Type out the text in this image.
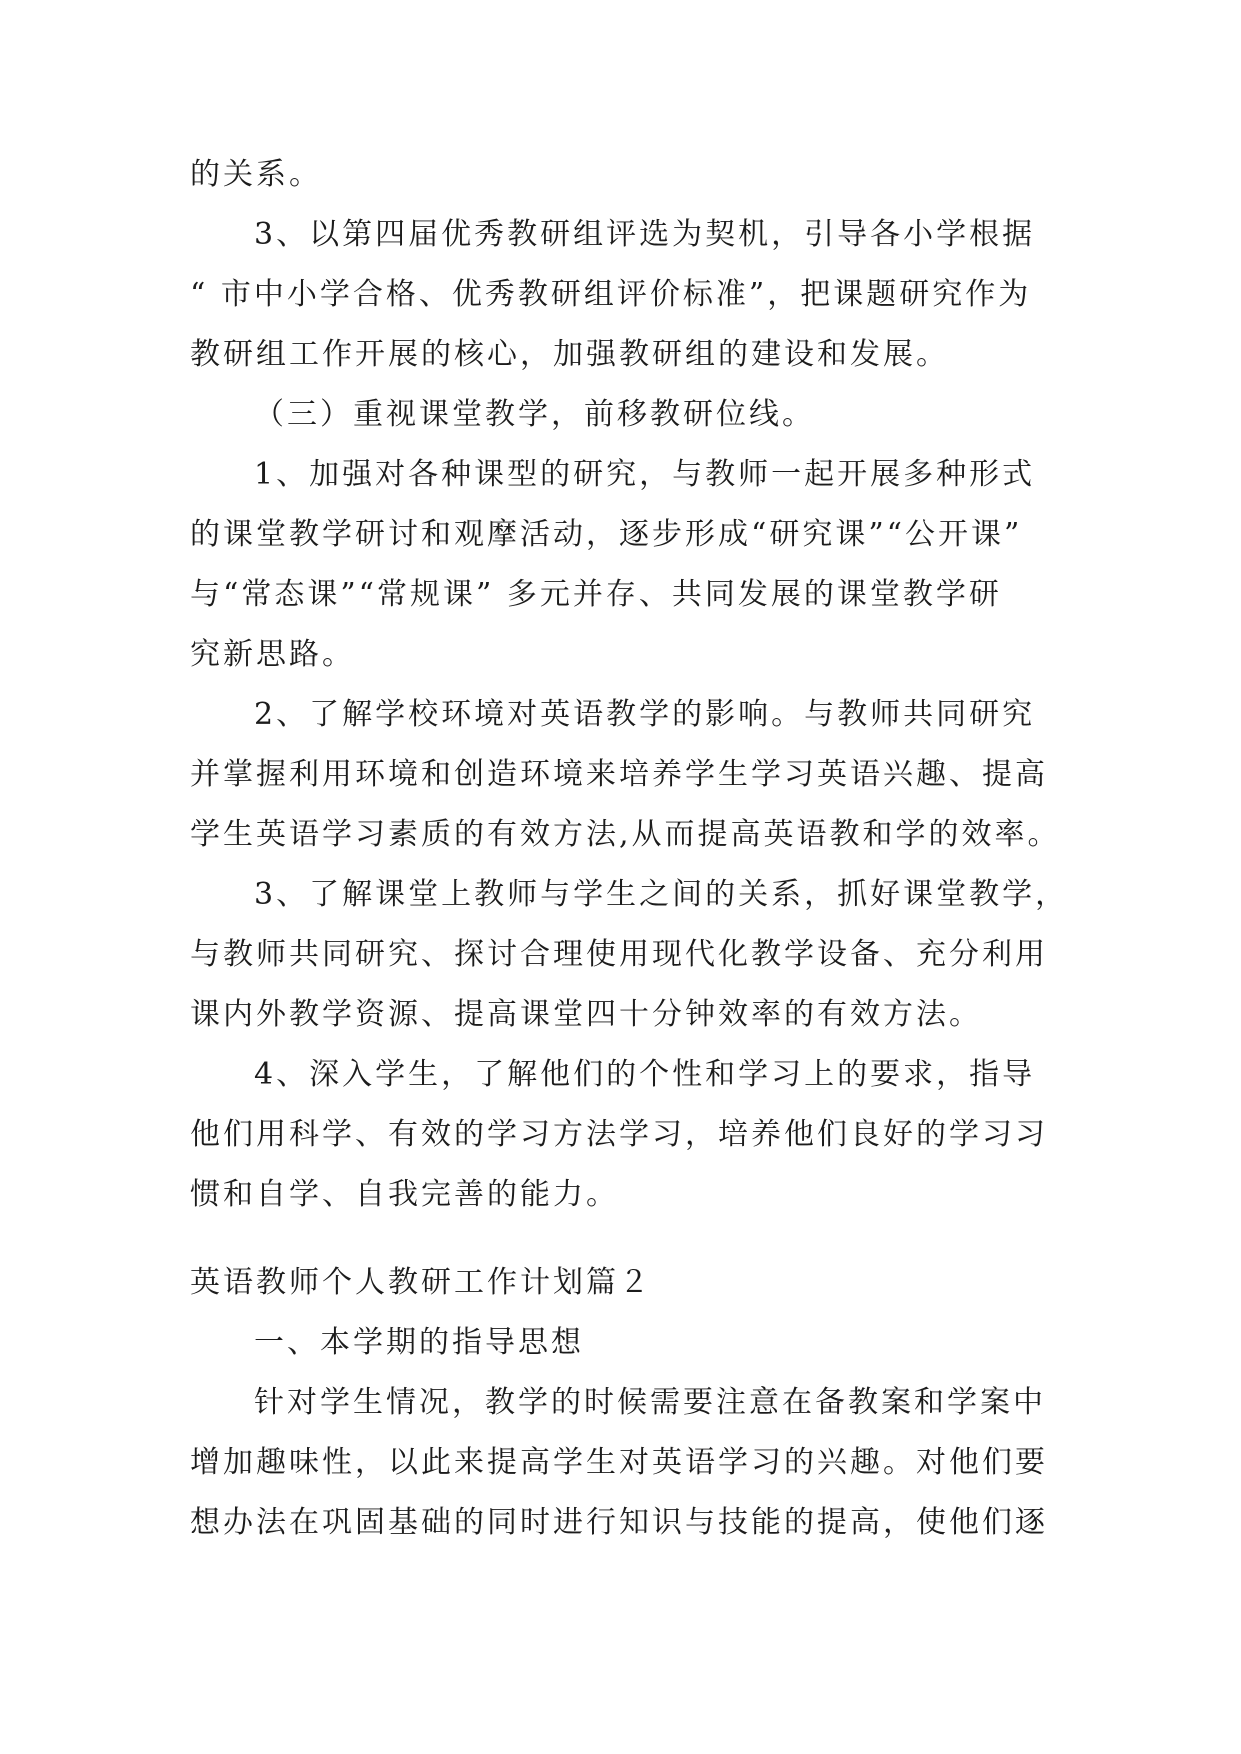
的关系。
3、以第四届优秀教研组评选为契机，引导各小学根据
“ 市中小学合格、优秀教研组评价标准”，把课题研究作为
教研组工作开展的核心，加强教研组的建设和发展。
（三）重视课堂教学，前移教研位线。
1、加强对各种课型的研究，与教师一起开展多种形式
的课堂教学研讨和观摩活动，逐步形成“研究课”“公开课”
与“常态课”“常规课” 多元并存、共同发展的课堂教学研
究新思路。
2、了解学校环境对英语教学的影响。与教师共同研究
并掌握利用环境和创造环境来培养学生学习英语兴趣、提高
学生英语学习素质的有效方法,从而提高英语教和学的效率。
3、了解课堂上教师与学生之间的关系，抓好课堂教学，
与教师共同研究、探讨合理使用现代化教学设备、充分利用
课内外教学资源、提高课堂四十分钟效率的有效方法。
4、深入学生，了解他们的个性和学习上的要求，指导
他们用科学、有效的学习方法学习，培养他们良好的学习习
惯和自学、自我完善的能力。
英语教师个人教研工作计划篇２
一、本学期的指导思想
针对学生情况，教学的时候需要注意在备教案和学案中
增加趣味性，以此来提高学生对英语学习的兴趣。对他们要
想办法在巩固基础的同时进行知识与技能的提高，使他们逐
